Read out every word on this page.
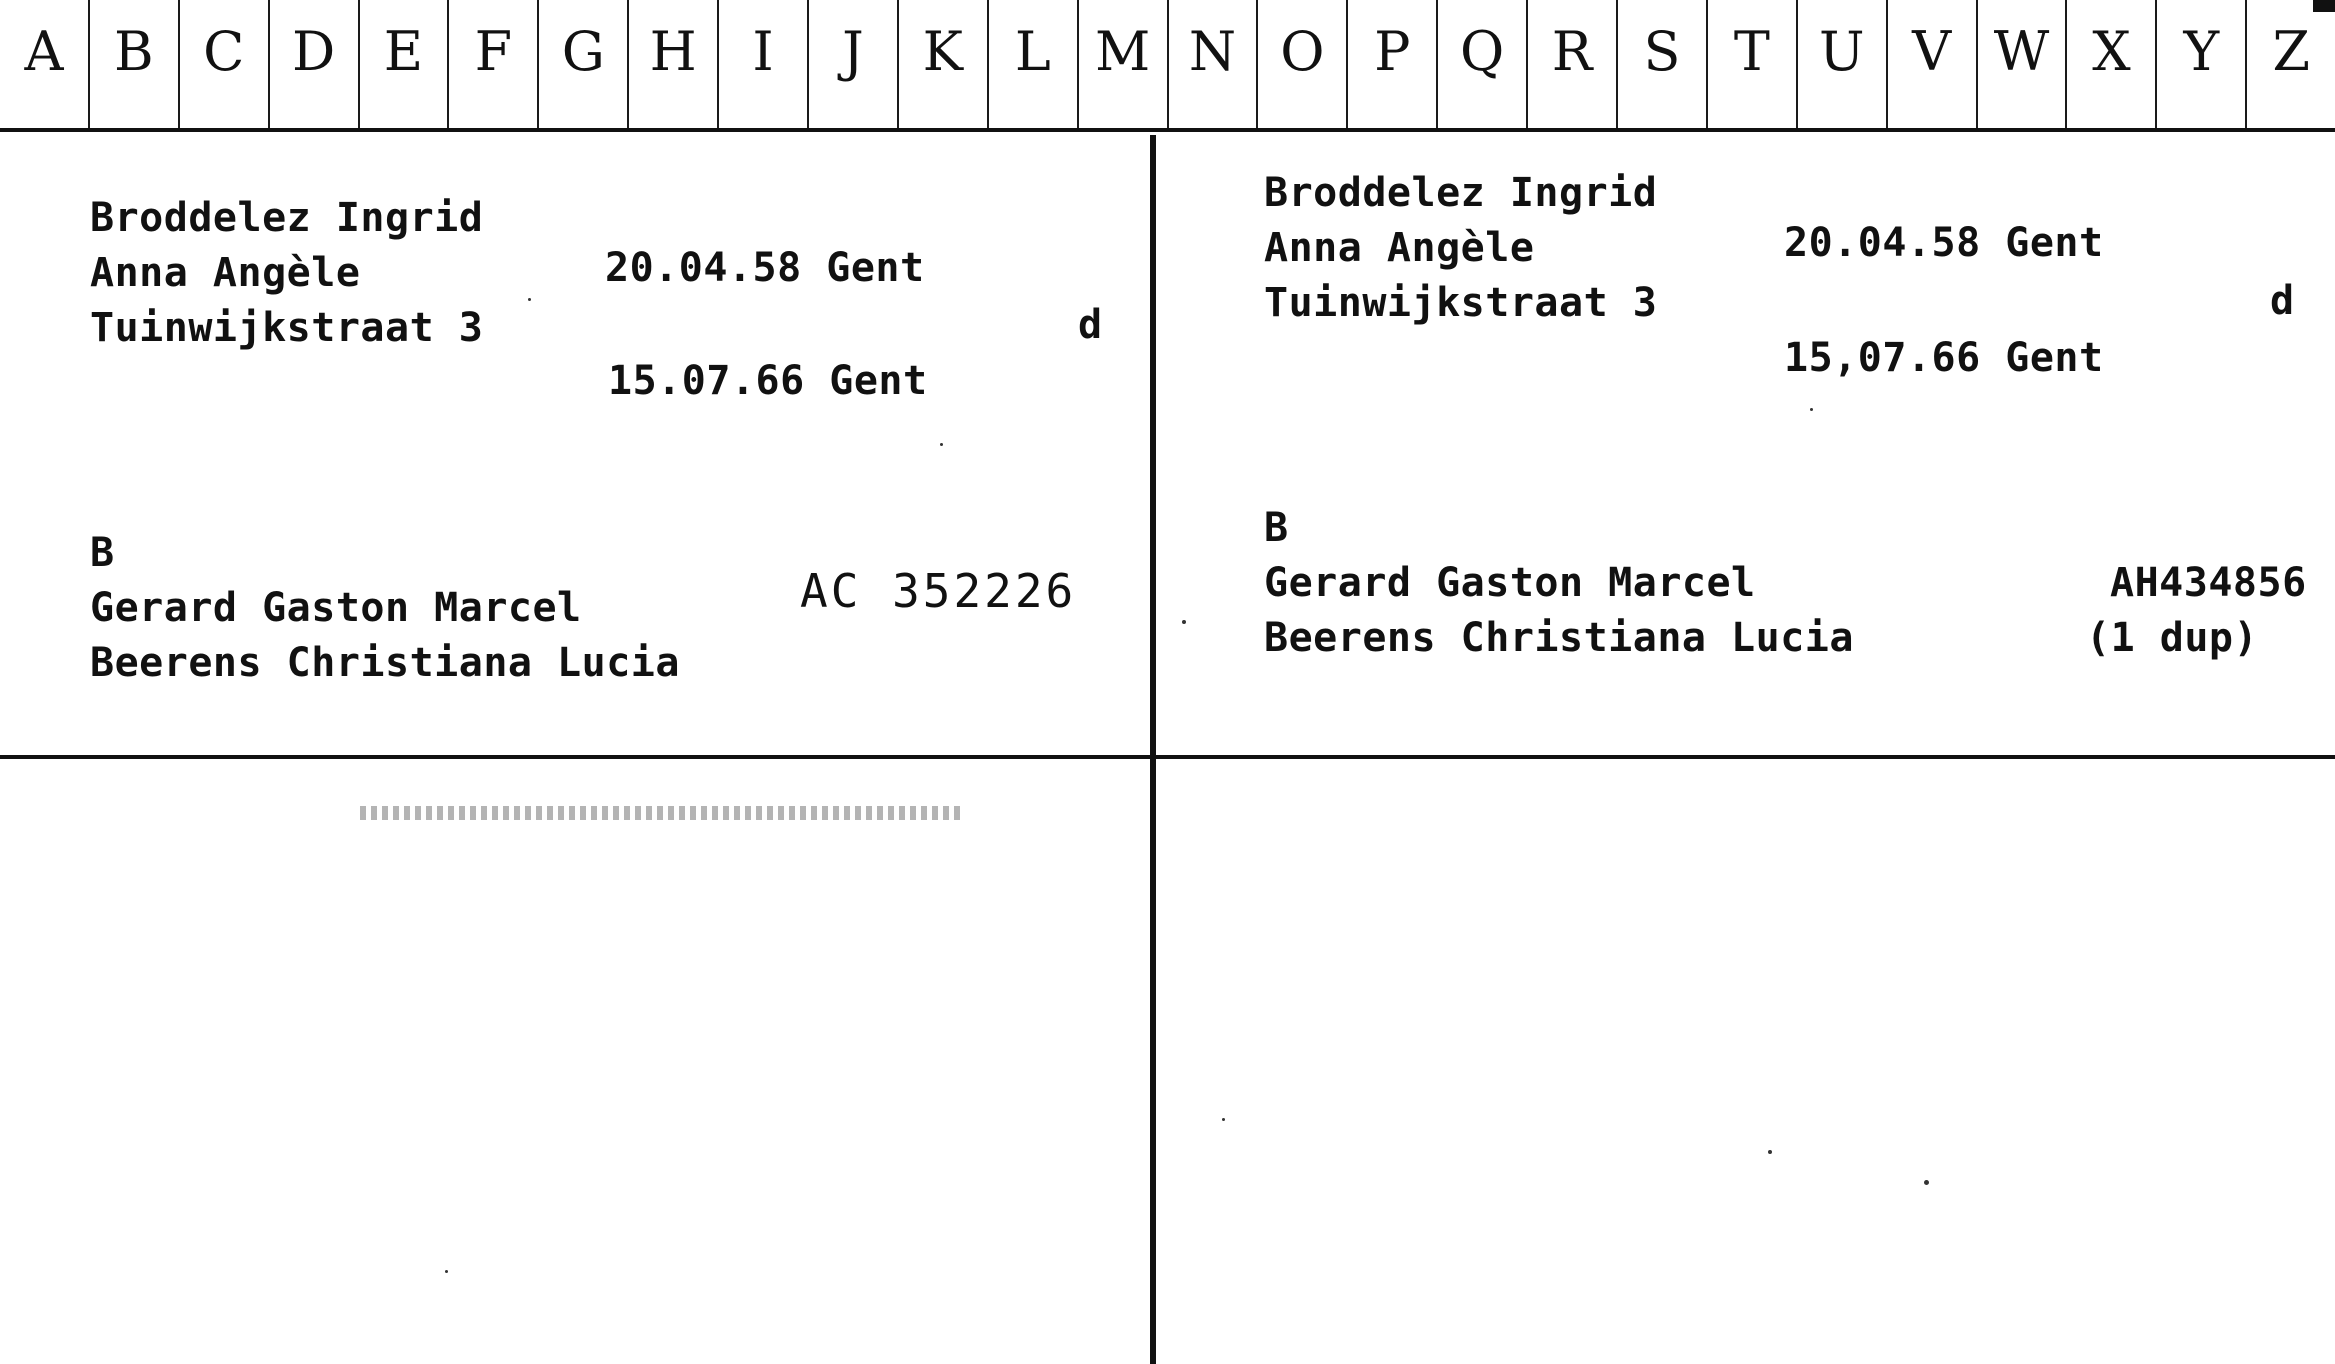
A B C D E F G H	I	J	K L M N O P Q R S T U V W X Y Z
Broddelez Ingrid
Anna Angèle	20.04.58 Gent
Tuinwijkstraat 3	d
15.07.66 Gent
B
Gerard Gaston Marcel	AC 352226
Beerens Christiana Lucia
Broddelez Ingrid
Anna Angèle	20.04.58 Gent
Tuinwijkstraat 3	d
15,07.66 Gent
B
Gerard Gaston Marcel	AH434856
Beerens Christiana Lucia	(1 dup)
